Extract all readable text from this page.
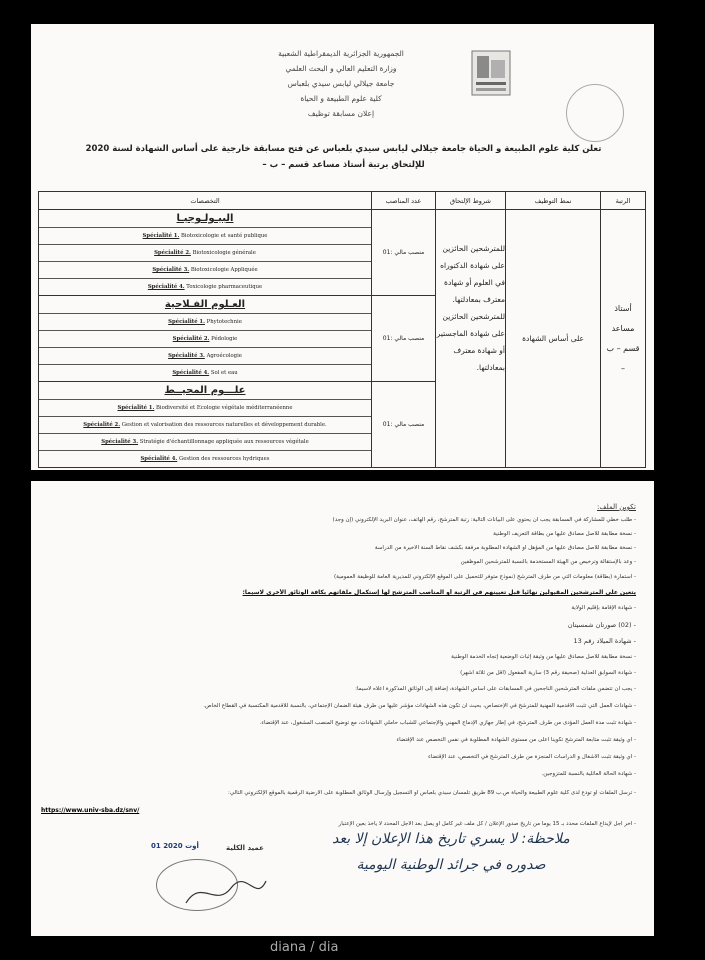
الجمهورية الجزائرية الديمقراطية الشعبية
وزارة التعليم العالي و البحث العلمي
جامعة جيلالي ليابس سيدي بلعباس
كلية علوم الطبيعة و الحياة
إعلان مسابقة توظيف
تعلن كلية علوم الطبيعة و الحياة جامعة جيلالي ليابس سيدي بلعباس عن فتح مسابقة خارجية على أساس الشهادة لسنة 2020
للإلتحاق برتبة أستاذ مساعد قسم – ب –
التخصصات	عدد المناصب	شروط الإلتحاق	نمط التوظيف	الرتبة

البيـولـوجيـا
Spécialité 1. Biotoxicologie et santé publique
Spécialité 2. Biotoxicologie générale
Spécialité 3. Biotoxicologie Appliquée
Spécialité 4. Toxicologie pharmaceutique	منصب مالي :01	للمترشحين الحائزين على شهادة الدكتوراه في العلوم أو شهادة معترف بمعادلتها. للمترشحين الحائزين على شهادة الماجستير أو شهادة معترف بمعادلتها.	على أساس الشهادة	أستاذ مساعد قسم – ب –

العـلوم الفـلاحية
Spécialité 1. Phytotechnie
Spécialité 2. Pédologie
Spécialité 3. Agroécologie
Spécialité 4. Sol et eau	منصب مالي :01			

علـــوم المحيــط
Spécialité 1. Biodiversité et Ecologie végétale méditerranéenne
Spécialité 2. Gestion et valorisation des ressources naturelles et développement durable.
Spécialité 3. Stratégie d'échantillonnage appliquée aux ressources végétale
Spécialité 4. Gestion des ressources hydriques	منصب مالي :01			
تكوين الملف:
- طلب خطي للمشاركة في المسابقة يجب أن يحتوي على البيانات التالية: رتبة المترشح، رقم الهاتف، عنوان البريد الإلكتروني (إن وجد)
- نسخة مطابقة للأصل مصادق عليها من بطاقة التعريف الوطنية
- نسخة مطابقة للأصل مصادق عليها من المؤهل أو الشهادة المطلوبة مرفقة بكشف نقاط السنة الأخيرة من الدراسة
- وعد بالإستقالة وترخيص من الهيئة المستخدمة بالنسبة للمترشحين الموظفين
- استمارة (بطاقة) معلومات التي من طرف المترشح (نموذج متوفر للتحميل على الموقع الإلكتروني للمديرية العامة للوظيفة العمومية)
يتعين على المترشحين المقبولين نهائيا قبل تعيينهم في الرتبة أو المناصب المترشح لها إستكمال ملفاتهم بكافة الوثائق الأخرى لاسيما:
- شهادة الإقامة بإقليم الولاية
- (02) صورتان شمسيتان
- شهادة الميلاد رقم 13
- نسخة مطابقة للأصل مصادق عليها من وثيقة إثبات الوضعية إتجاه الخدمة الوطنية
- شهادة السوابق العدلية (صحيفة رقم 3) سارية المفعول (أقل من ثلاثة أشهر)
- يجب أن تتضمن ملفات المترشحين الناجحين في المسابقات على أساس الشهادة، إضافة إلى الوثائق المذكورة أعلاه لاسيما:
- شهادات العمل التي تثبت الأقدمية المهنية للمترشح في الإختصاص، بحيث أن تكون هذه الشهادات مؤشر عليها من طرف هيئة الضمان الإجتماعي، بالنسبة للأقدمية المكتسبة في القطاع الخاص.
- شهادة تثبت مدة العمل المؤدى من طرف المترشح، في إطار جهازي الإدماج المهني والإجتماعي للشباب حاملي الشهادات، مع توضيح المنصب المشغول، عند الإقتضاء.
- أي وثيقة تثبت متابعة المترشح تكوينا أعلى من مستوى الشهادة المطلوبة في نفس التخصص عند الإقتضاء
- أي وثيقة تثبت الأشغال و الدراسات المنجزة من طرف المترشح في التخصص، عند الإقتضاء
- شهادة الحالة العائلية بالنسبة للمتزوجين.
- ترسل الملفات أو تودع لدى كلية علوم الطبيعة والحياة ص.ب 89 طريق تلمسان سيدي بلعباس أو التسجيل وإرسال الوثائق المطلوبة على الأرضية الرقمية بالموقع الإلكتروني التالي:
https://www.univ-sba.dz/snv/
- آخر أجل لإيداع الملفات محدد بـ 15 يوما من تاريخ صدور الإعلان / كل ملف غير كامل أو يصل بعد الأجل المحدد لا يأخذ بعين الإعتبار
عميد الكلية
01 أوت 2020	ملاحظة: لا يسري تاريخ هذا الإعلان إلا بعد
صدوره في جرائد الوطنية اليومية
diana / dia
